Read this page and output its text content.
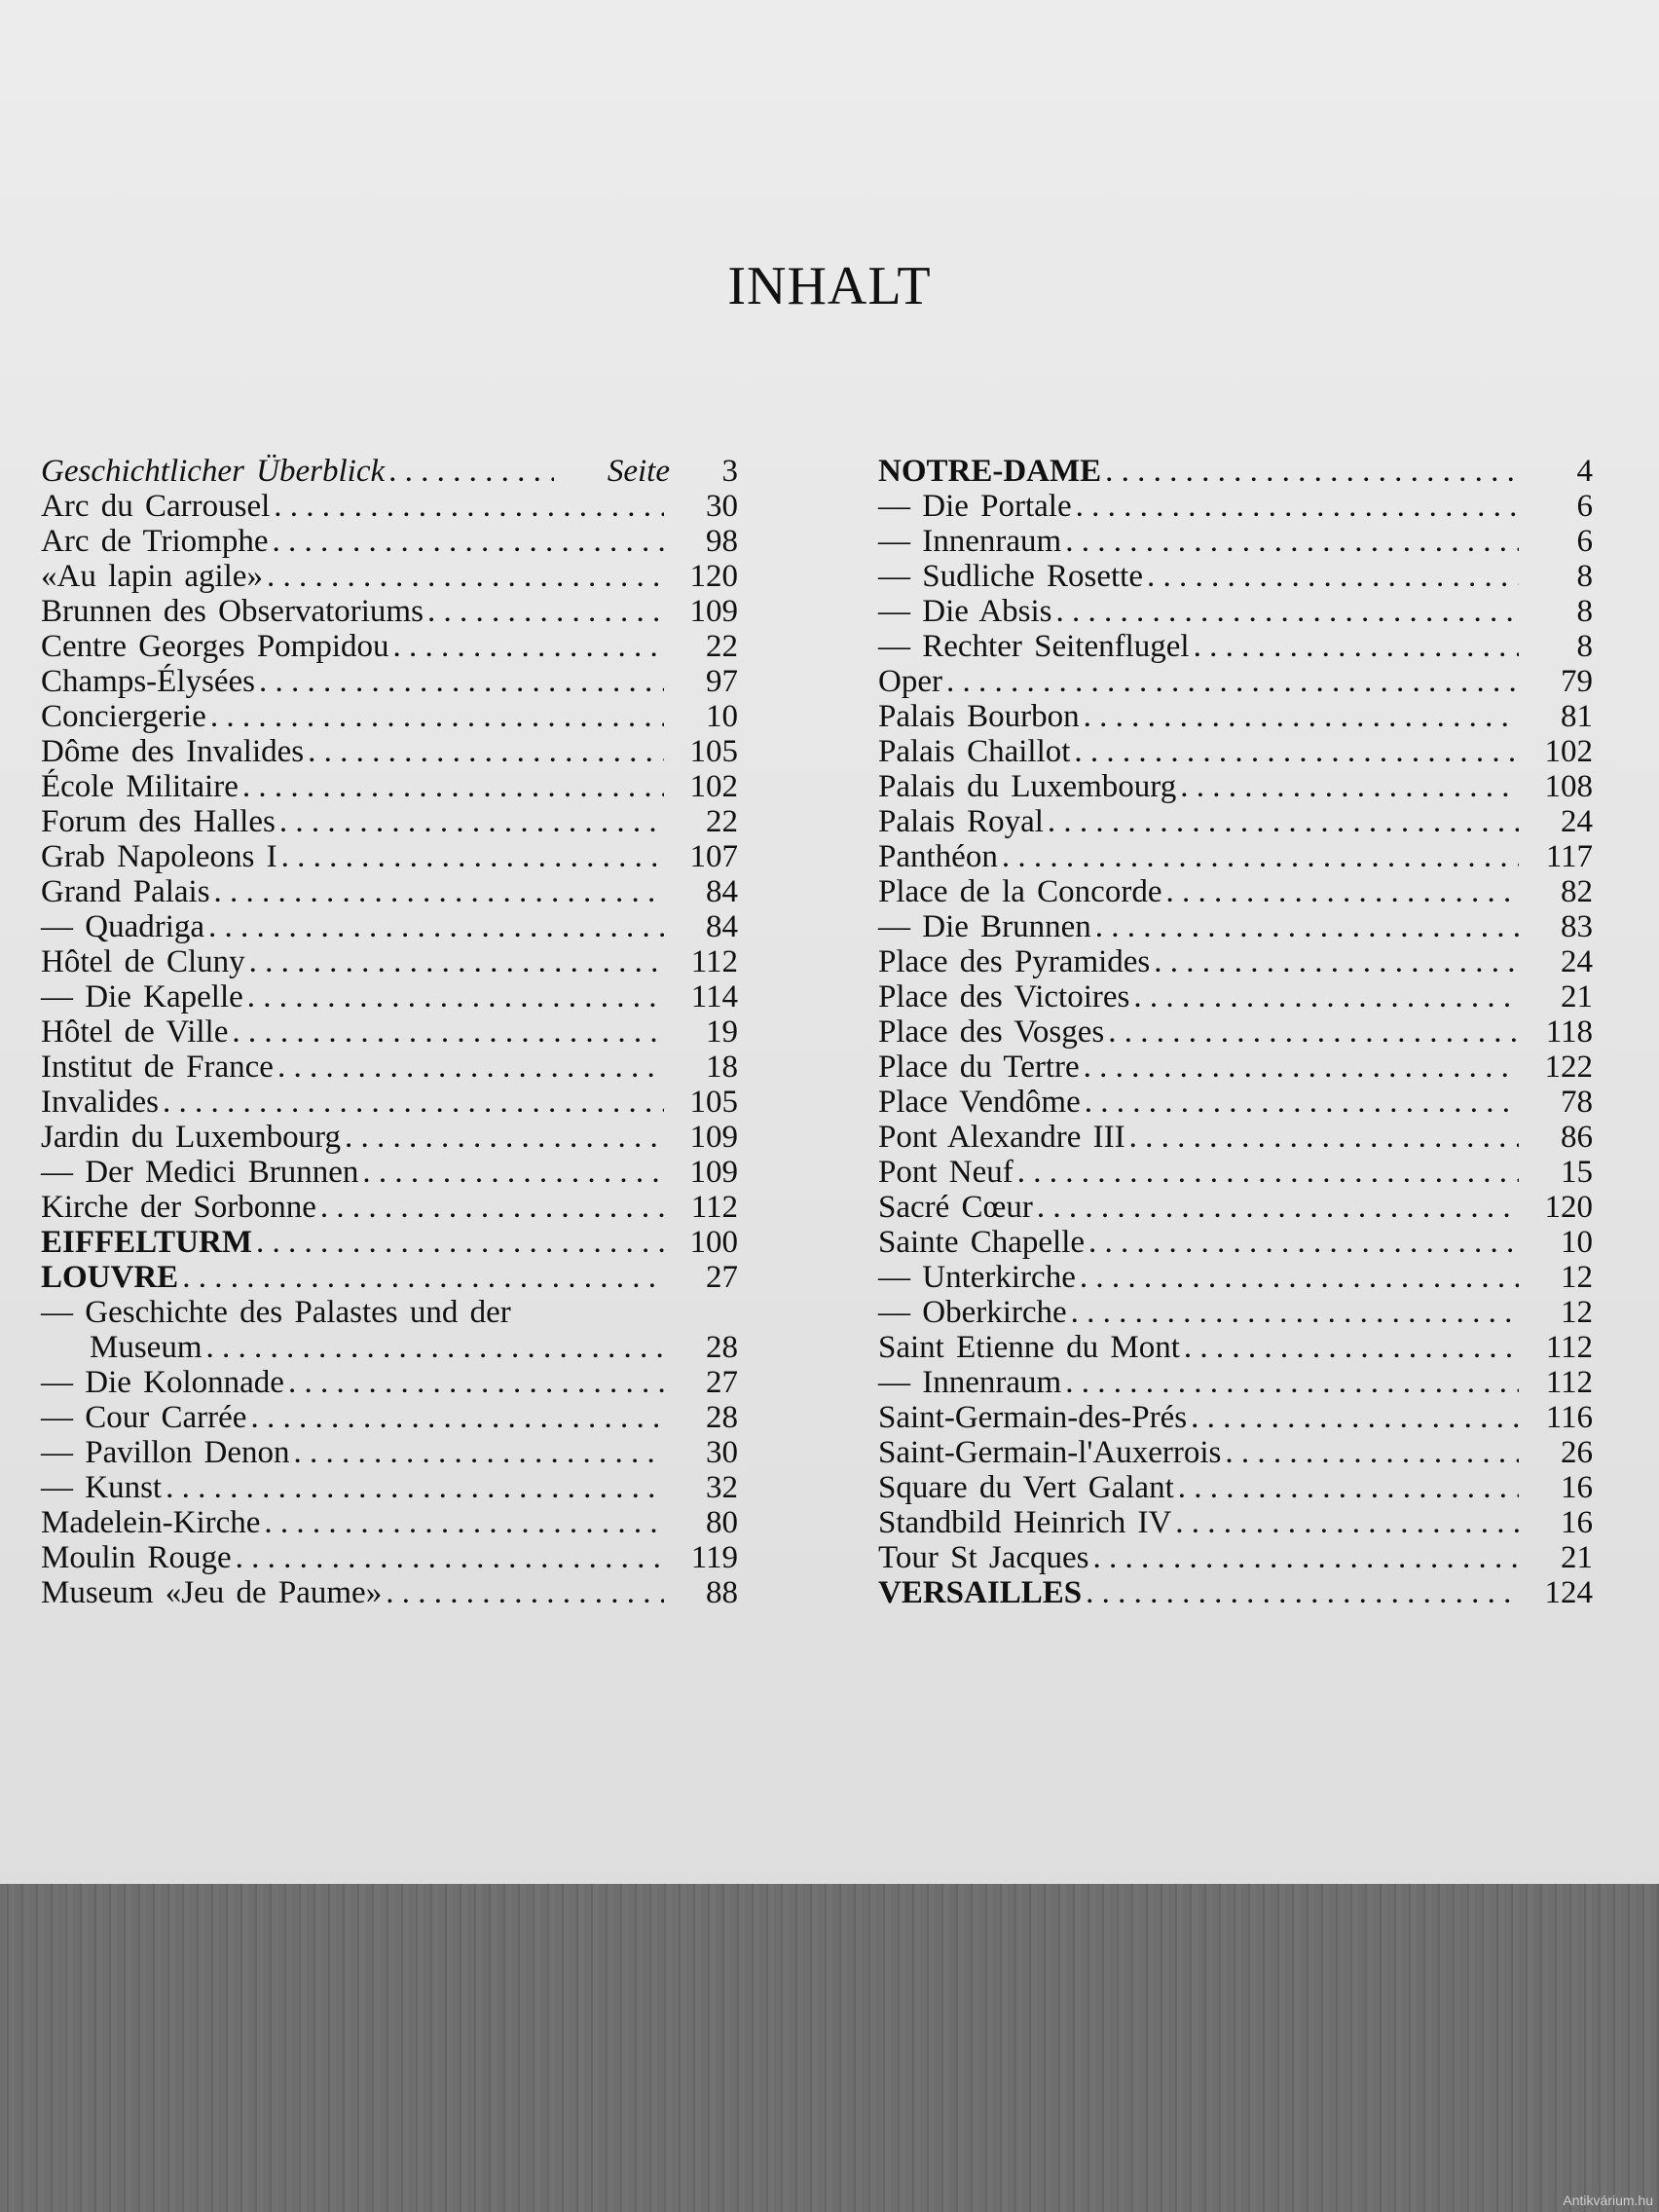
INHALT
Geschichtlicher Überblick . . .	Seite	3
Arc du Carrousel . . .	30
Arc de Triomphe . . .	98
«Au lapin agile» . . .	120
Brunnen des Observatoriums . . .	109
Centre Georges Pompidou . . .	22
Champs-Élysées . . .	97
Conciergerie . . .	10
Dôme des Invalides . . .	105
École Militaire . . .	102
Forum des Halles . . .	22
Grab Napoleons I . . .	107
Grand Palais . . .	84
— Quadriga . . .	84
Hôtel de Cluny . . .	112
— Die Kapelle . . .	114
Hôtel de Ville . . .	19
Institut de France . . .	18
Invalides . . .	105
Jardin du Luxembourg . . .	109
— Der Medici Brunnen . . .	109
Kirche der Sorbonne . . .	112
EIFFELTURM . . .	100
LOUVRE . . .	27
— Geschichte des Palastes und der
Museum . . .	28
— Die Kolonnade . . .	27
— Cour Carrée . . .	28
— Pavillon Denon . . .	30
— Kunst . . .	32
Madelein-Kirche . . .	80
Moulin Rouge . . .	119
Museum «Jeu de Paume» . . .	88
NOTRE-DAME . . .	4
— Die Portale . . .	6
— Innenraum . . .	6
— Sudliche Rosette . . .	8
— Die Absis . . .	8
— Rechter Seitenflugel . . .	8
Oper . . .	79
Palais Bourbon . . .	81
Palais Chaillot . . .	102
Palais du Luxembourg . . .	108
Palais Royal . . .	24
Panthéon . . .	117
Place de la Concorde . . .	82
— Die Brunnen . . .	83
Place des Pyramides . . .	24
Place des Victoires . . .	21
Place des Vosges . . .	118
Place du Tertre . . .	122
Place Vendôme . . .	78
Pont Alexandre III . . .	86
Pont Neuf . . .	15
Sacré Cœur . . .	120
Sainte Chapelle . . .	10
— Unterkirche . . .	12
— Oberkirche . . .	12
Saint Etienne du Mont . . .	112
— Innenraum . . .	112
Saint-Germain-des-Prés . . .	116
Saint-Germain-l'Auxerrois . . .	26
Square du Vert Galant . . .	16
Standbild Heinrich IV . . .	16
Tour St Jacques . . .	21
VERSAILLES . . .	124
Antikvárium.hu
